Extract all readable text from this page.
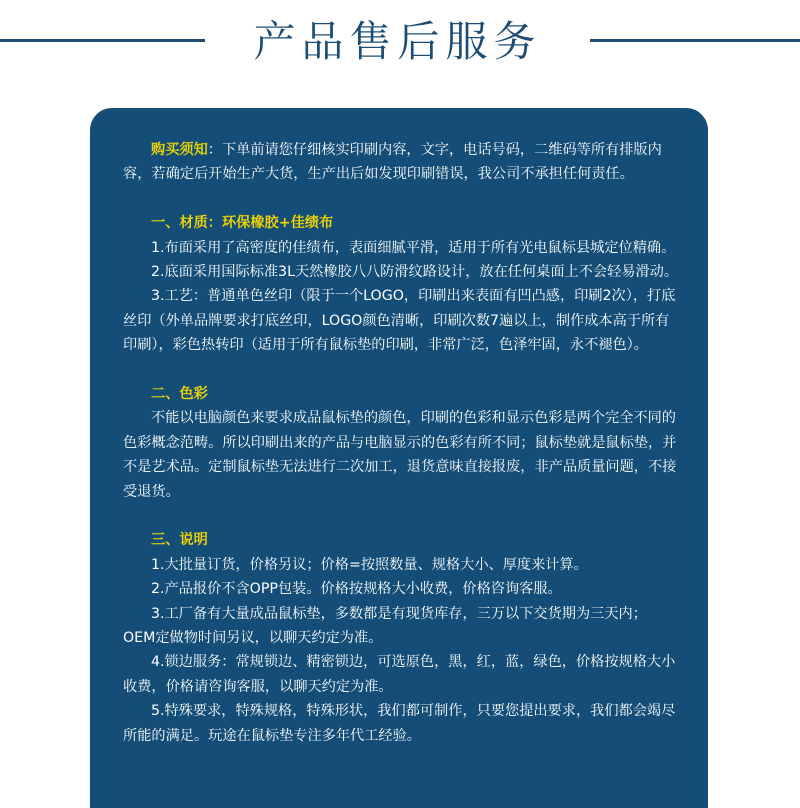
产品售后服务

购买须知：下单前请您仔细核实印刷内容，文字，电话号码，二维码等所有排版内容，若确定后开始生产大货，生产出后如发现印刷错误，我公司不承担任何责任。

一、材质：环保橡胶+佳绩布

1.布面采用了高密度的佳绩布，表面细腻平滑，适用于所有光电鼠标县城定位精确。

2.底面采用国际标准3L天然橡胶八八防滑纹路设计，放在任何桌面上不会轻易滑动。

3.工艺：普通单色丝印（限于一个LOGO，印刷出来表面有凹凸感，印刷2次），打底丝印（外单品牌要求打底丝印，LOGO颜色清晰，印刷次数7遍以上，制作成本高于所有印刷），彩色热转印（适用于所有鼠标垫的印刷，非常广泛，色泽牢固，永不褪色）。

二、色彩

不能以电脑颜色来要求成品鼠标垫的颜色，印刷的色彩和显示色彩是两个完全不同的色彩概念范畴。所以印刷出来的产品与电脑显示的色彩有所不同；鼠标垫就是鼠标垫，并不是艺术品。定制鼠标垫无法进行二次加工，退货意味直接报废，非产品质量问题，不接受退货。

三、说明

1.大批量订货，价格另议；价格=按照数量、规格大小、厚度来计算。

2.产品报价不含OPP包装。价格按规格大小收费，价格咨询客服。

3.工厂备有大量成品鼠标垫，多数都是有现货库存，三万以下交货期为三天内；OEM定做物时间另议，以聊天约定为准。

4.锁边服务：常规锁边、精密锁边，可选原色，黑，红，蓝，绿色，价格按规格大小收费，价格请咨询客服，以聊天约定为准。

5.特殊要求，特殊规格，特殊形状，我们都可制作，只要您提出要求，我们都会竭尽所能的满足。玩途在鼠标垫专注多年代工经验。
